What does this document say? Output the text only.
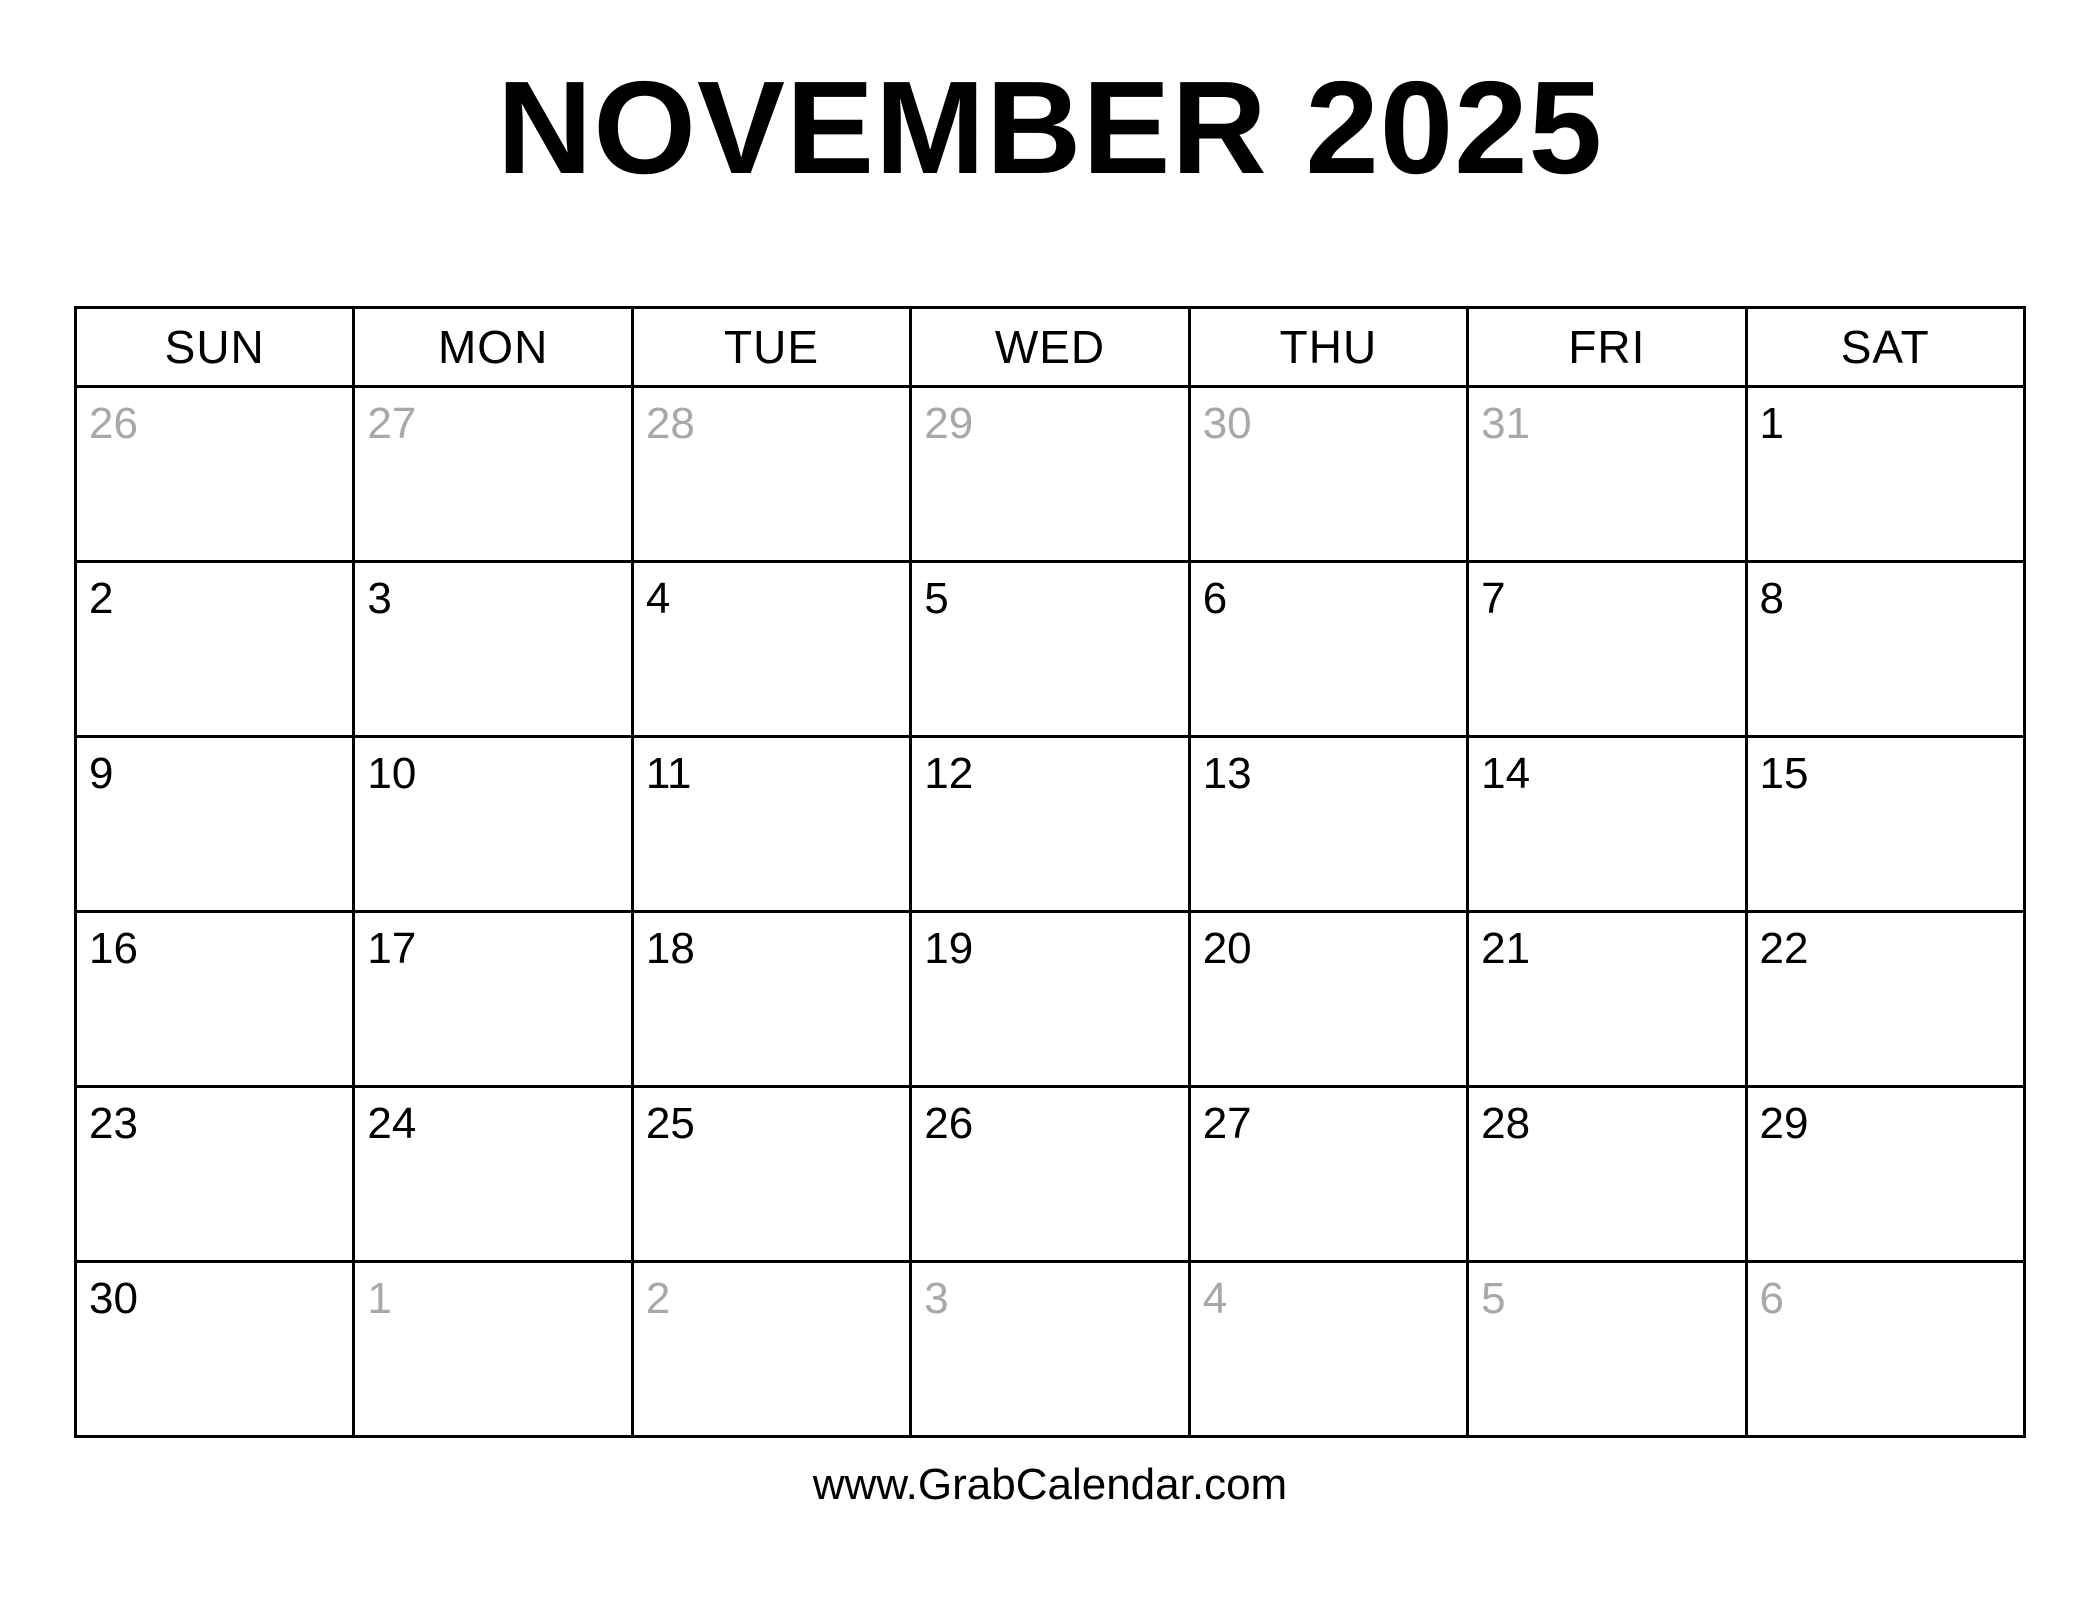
NOVEMBER 2025
SUN	MON	TUE	WED	THU	FRI	SAT

26	27	28	29	30	31	1

2	3	4	5	6	7	8

9	10	11	12	13	14	15

16	17	18	19	20	21	22

23	24	25	26	27	28	29

30	1	2	3	4	5	6
www.GrabCalendar.com
